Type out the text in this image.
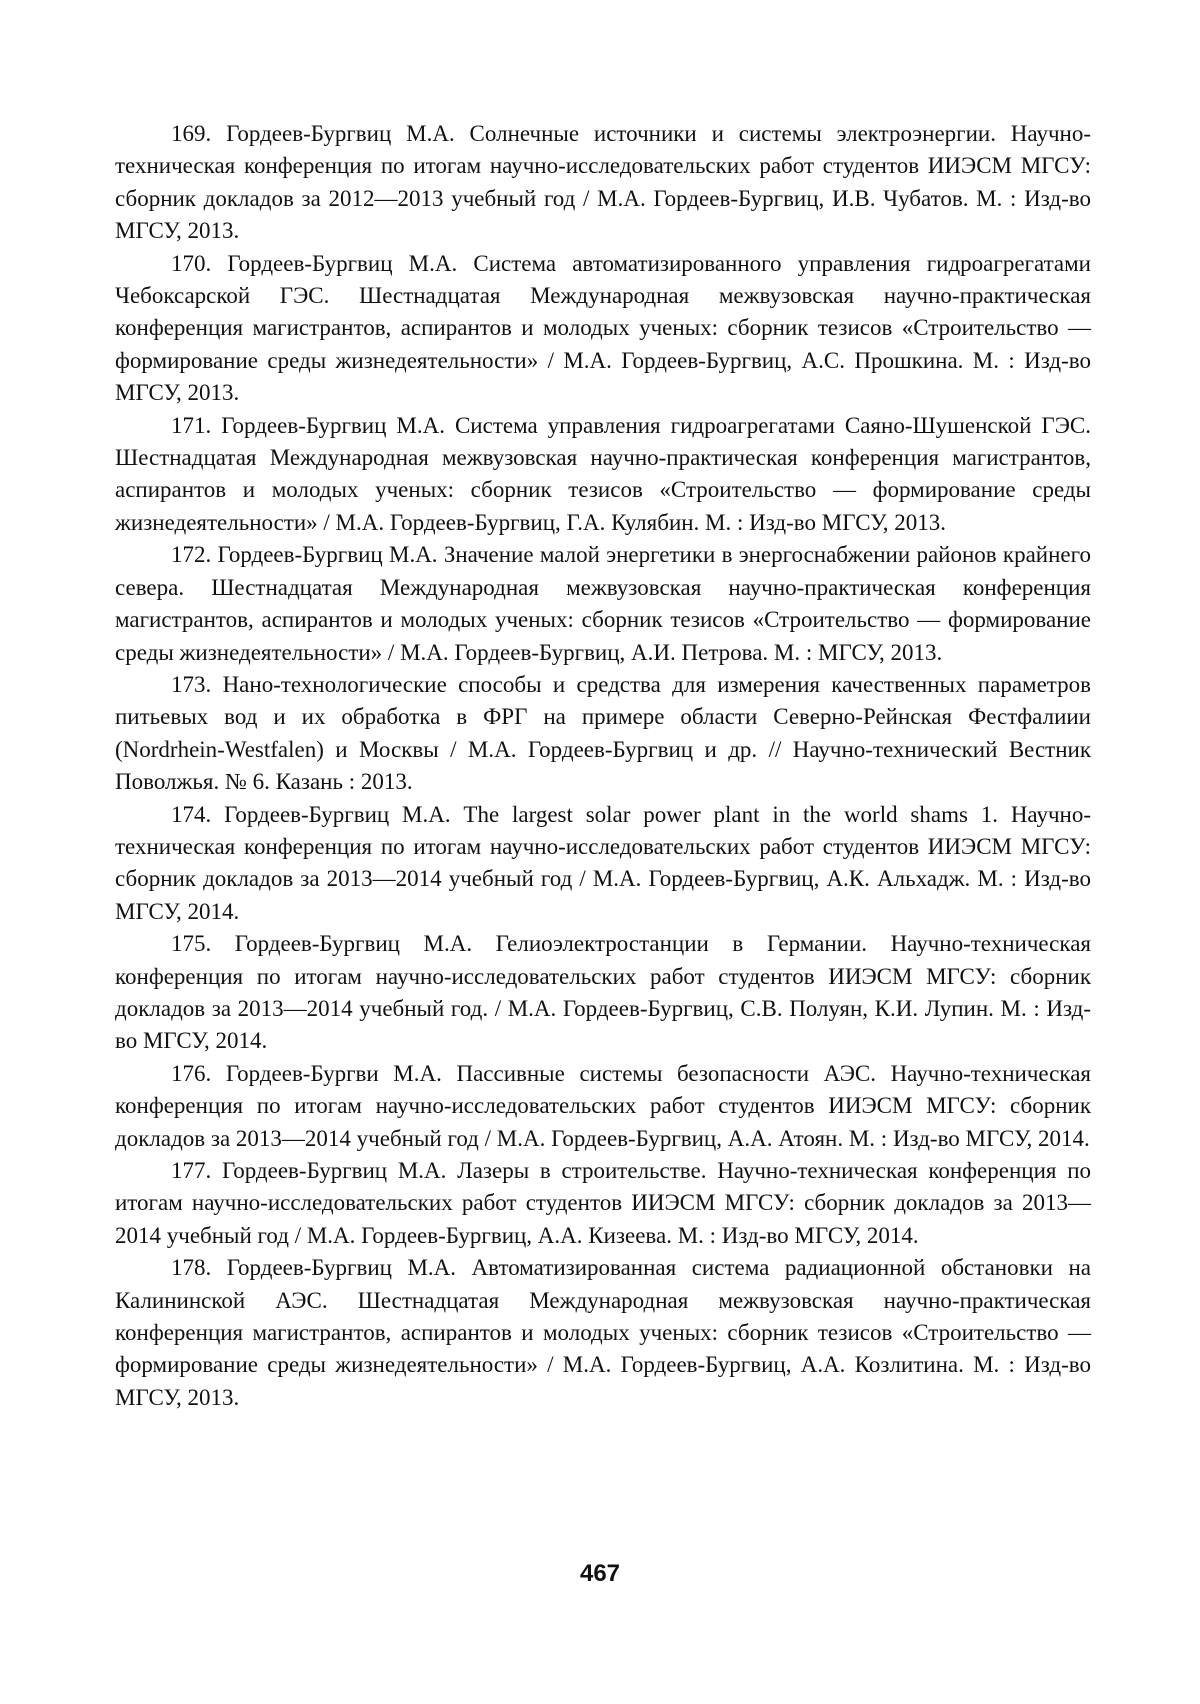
169. Гордеев-Бургвиц М.А. Солнечные источники и системы электроэнергии. Научно-техническая конференция по итогам научно-исследовательских работ студентов ИИЭСМ МГСУ: сборник докладов за 2012—2013 учебный год / М.А. Гордеев-Бургвиц, И.В. Чубатов. М. : Изд-во МГСУ, 2013.

170. Гордеев-Бургвиц М.А. Система автоматизированного управления гидроагрегатами Чебоксарской ГЭС. Шестнадцатая Международная межвузовская научно-практическая конференция магистрантов, аспирантов и молодых ученых: сборник тезисов «Строительство — формирование среды жизнедеятельности» / М.А. Гордеев-Бургвиц, А.С. Прошкина. М. : Изд-во МГСУ, 2013.

171. Гордеев-Бургвиц М.А. Система управления гидроагрегатами Саяно-Шушенской ГЭС. Шестнадцатая Международная межвузовская научно-практическая конференция магистрантов, аспирантов и молодых ученых: сборник тезисов «Строительство — формирование среды жизнедеятельности» / М.А. Гордеев-Бургвиц, Г.А. Кулябин. М. : Изд-во МГСУ, 2013.

172. Гордеев-Бургвиц М.А. Значение малой энергетики в энергоснабжении районов крайнего севера. Шестнадцатая Международная межвузовская научно-практическая конференция магистрантов, аспирантов и молодых ученых: сборник тезисов «Строительство — формирование среды жизнедеятельности» / М.А. Гордеев-Бургвиц, А.И. Петрова. М. : МГСУ, 2013.

173. Нано-технологические способы и средства для измерения качественных параметров питьевых вод и их обработка в ФРГ на примере области Северно-Рейнская Фестфалиии (Nordrhein-Westfalen) и Москвы / М.А. Гордеев-Бургвиц и др. // Научно-технический Вестник Поволжья. № 6. Казань : 2013.

174. Гордеев-Бургвиц М.А. The largest solar power plant in the world shams 1. Научно-техническая конференция по итогам научно-исследовательских работ студентов ИИЭСМ МГСУ: сборник докладов за 2013—2014 учебный год / М.А. Гордеев-Бургвиц, А.К. Альхадж. М. : Изд-во МГСУ, 2014.

175. Гордеев-Бургвиц М.А. Гелиоэлектростанции в Германии. Научно-техническая конференция по итогам научно-исследовательских работ студентов ИИЭСМ МГСУ: сборник докладов за 2013—2014 учебный год. / М.А. Гордеев-Бургвиц, С.В. Полуян, К.И. Лупин. М. : Изд-во МГСУ, 2014.

176. Гордеев-Бургви М.А. Пассивные системы безопасности АЭС. Научно-техническая конференция по итогам научно-исследовательских работ студентов ИИЭСМ МГСУ: сборник докладов за 2013—2014 учебный год / М.А. Гордеев-Бургвиц, А.А. Атоян. М. : Изд-во МГСУ, 2014.

177. Гордеев-Бургвиц М.А. Лазеры в строительстве. Научно-техническая конференция по итогам научно-исследовательских работ студентов ИИЭСМ МГСУ: сборник докладов за 2013—2014 учебный год / М.А. Гордеев-Бургвиц, А.А. Кизеева. М. : Изд-во МГСУ, 2014.

178. Гордеев-Бургвиц М.А. Автоматизированная система радиационной обстановки на Калининской АЭС. Шестнадцатая Международная межвузовская научно-практическая конференция магистрантов, аспирантов и молодых ученых: сборник тезисов «Строительство — формирование среды жизнедеятельности» / М.А. Гордеев-Бургвиц, А.А. Козлитина. М. : Изд-во МГСУ, 2013.

467
